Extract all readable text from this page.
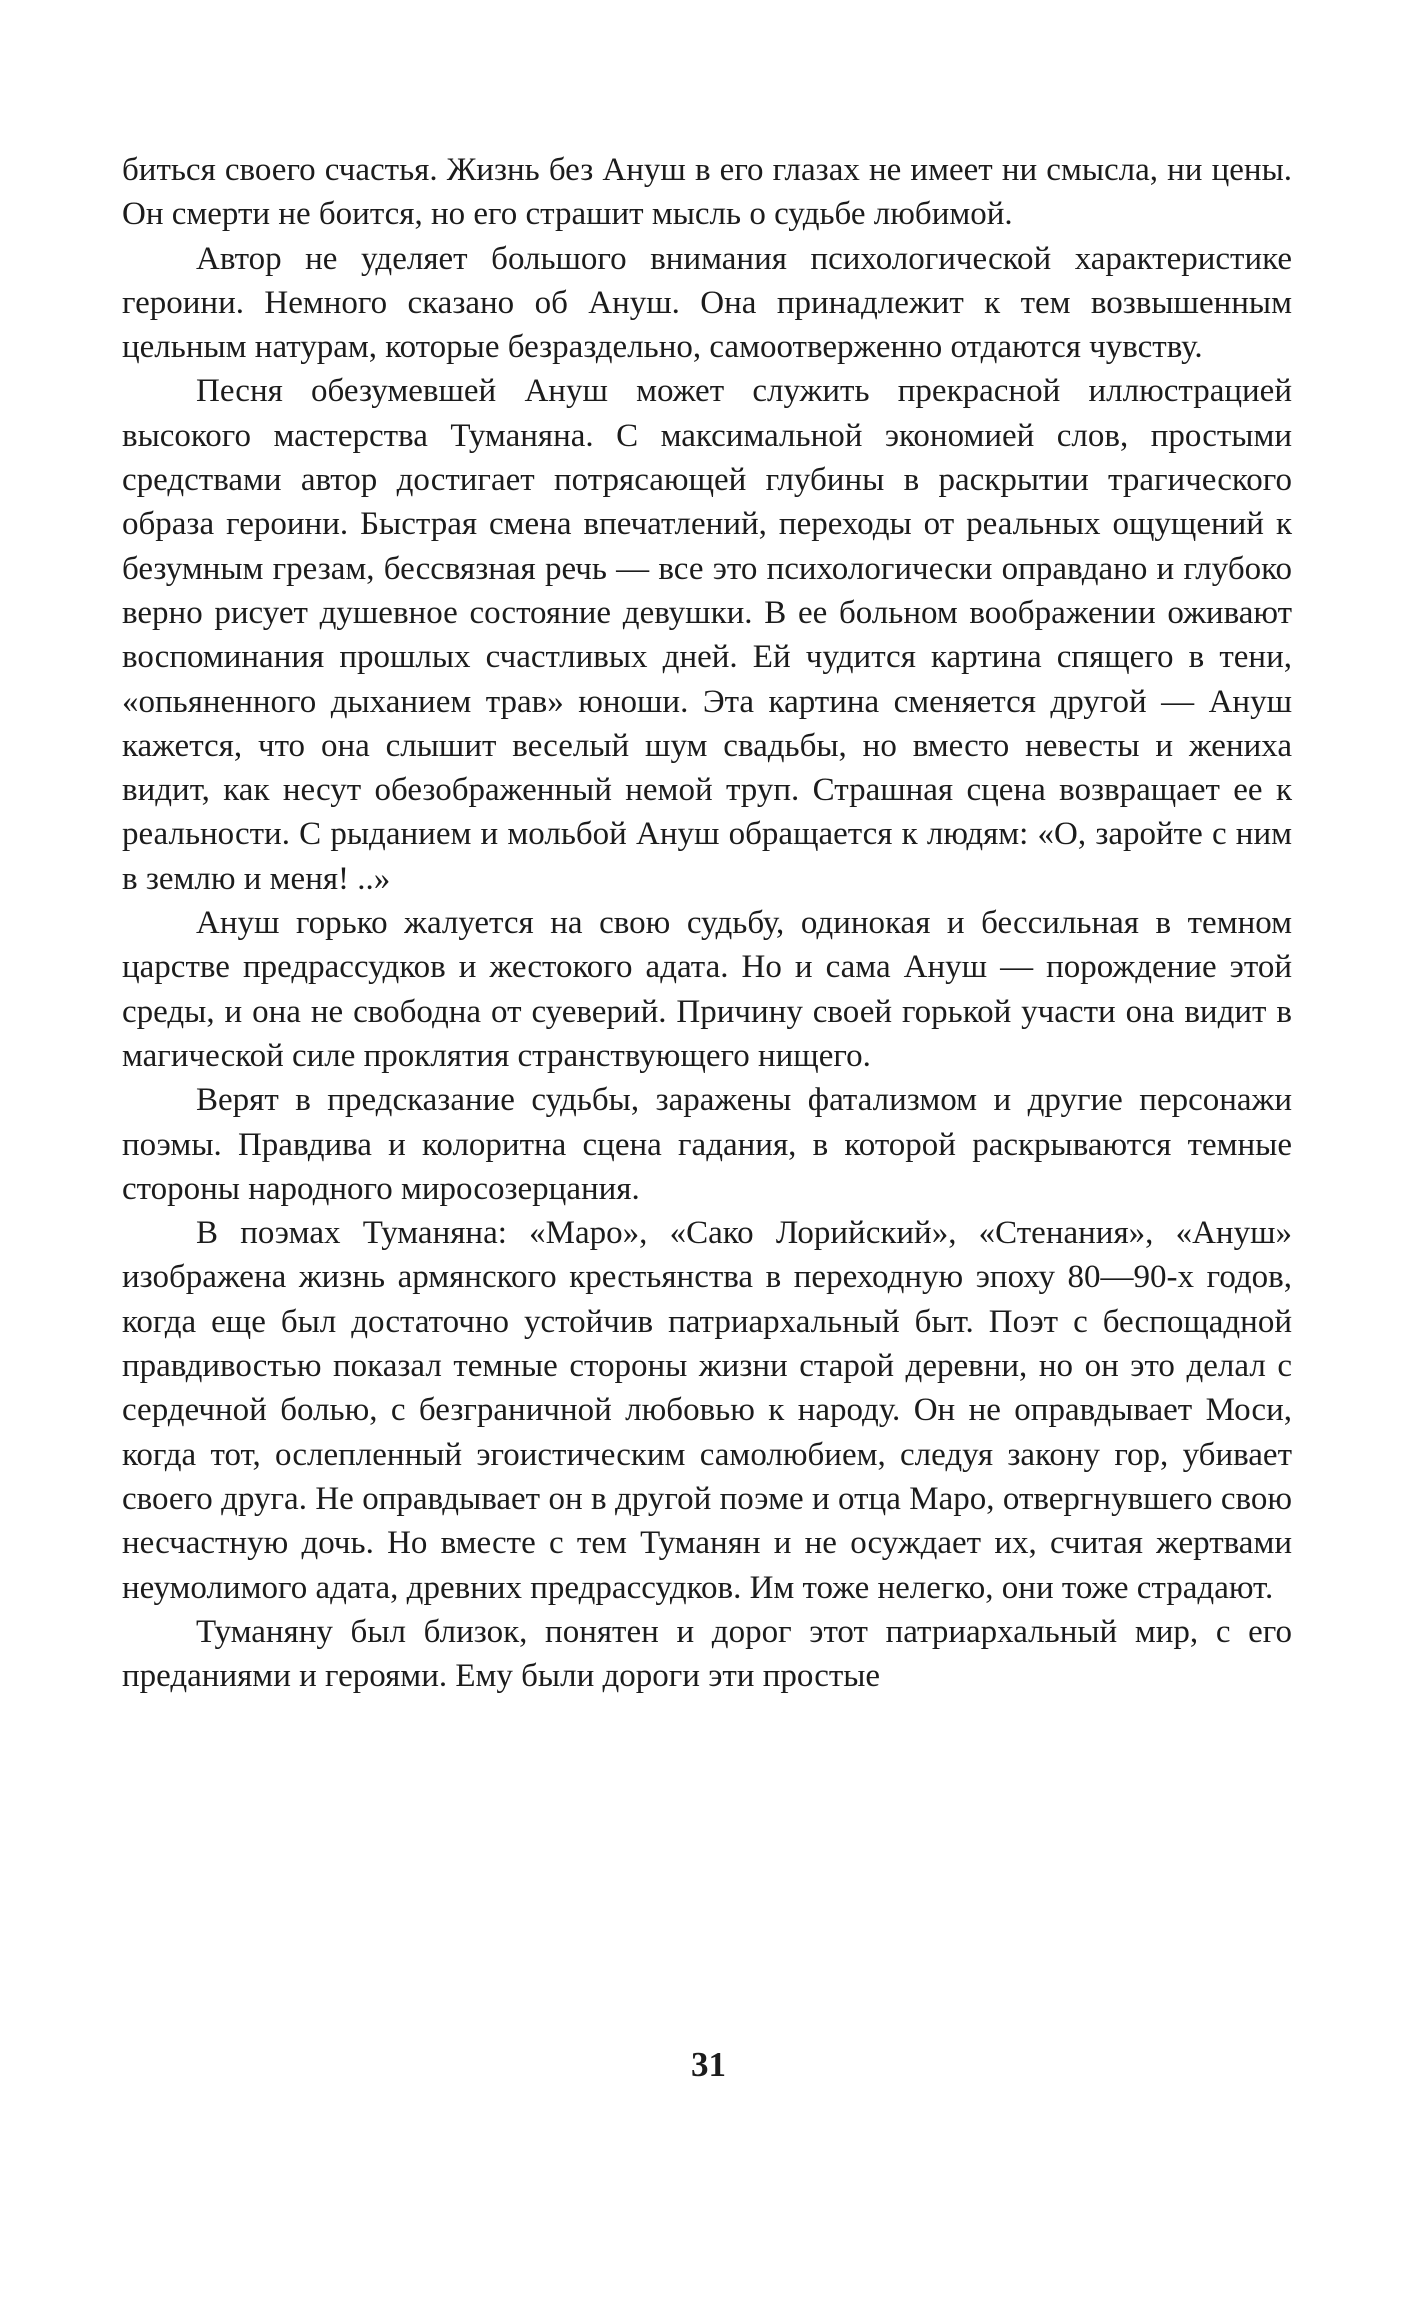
биться своего счастья. Жизнь без Ануш в его глазах не имеет ни смысла, ни цены. Он смерти не боится, но его страшит мысль о судьбе любимой.

Автор не уделяет большого внимания психологической характеристике героини. Немного сказано об Ануш. Она принадлежит к тем возвышенным цельным натурам, которые безраздельно, самоотверженно отдаются чувству.

Песня обезумевшей Ануш может служить прекрасной иллюстрацией высокого мастерства Туманяна. С максимальной экономией слов, простыми средствами автор достигает потрясающей глубины в раскрытии трагического образа героини. Быстрая смена впечатлений, переходы от реальных ощущений к безумным грезам, бессвязная речь — все это психологически оправдано и глубоко верно рисует душевное состояние девушки. В ее больном воображении оживают воспоминания прошлых счастливых дней. Ей чудится картина спящего в тени, «опьяненного дыханием трав» юноши. Эта картина сменяется другой — Ануш кажется, что она слышит веселый шум свадьбы, но вместо невесты и жениха видит, как несут обезображенный немой труп. Страшная сцена возвращает ее к реальности. С рыданием и мольбой Ануш обращается к людям: «О, заройте с ним в землю и меня! ..»

Ануш горько жалуется на свою судьбу, одинокая и бессильная в темном царстве предрассудков и жестокого адата. Но и сама Ануш — порождение этой среды, и она не свободна от суеверий. Причину своей горькой участи она видит в магической силе проклятия странствующего нищего.

Верят в предсказание судьбы, заражены фатализмом и другие персонажи поэмы. Правдива и колоритна сцена гадания, в которой раскрываются темные стороны народного миросозерцания.

В поэмах Туманяна: «Маро», «Сако Лорийский», «Стенания», «Ануш» изображена жизнь армянского крестьянства в переходную эпоху 80—90-х годов, когда еще был достаточно устойчив патриархальный быт. Поэт с беспощадной правдивостью показал темные стороны жизни старой деревни, но он это делал с сердечной болью, с безграничной любовью к народу. Он не оправдывает Моси, когда тот, ослепленный эгоистическим самолюбием, следуя закону гор, убивает своего друга. Не оправдывает он в другой поэме и отца Маро, отвергнувшего свою несчастную дочь. Но вместе с тем Туманян и не осуждает их, считая жертвами неумолимого адата, древних предрассудков. Им тоже нелегко, они тоже страдают.

Туманяну был близок, понятен и дорог этот патриархальный мир, с его преданиями и героями. Ему были дороги эти простые

31
